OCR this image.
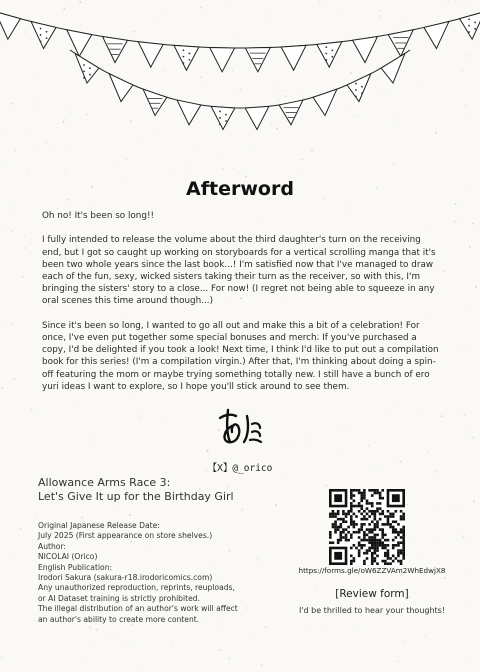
Afterword

Oh no! It's been so long!!

I fully intended to release the volume about the third daughter's turn on the receiving end, but I got so caught up working on storyboards for a vertical scrolling manga that it's been two whole years since the last book...! I'm satisfied now that I've managed to draw each of the fun, sexy, wicked sisters taking their turn as the receiver, so with this, I'm bringing the sisters' story to a close... For now! (I regret not being able to squeeze in any oral scenes this time around though...)

Since it's been so long, I wanted to go all out and make this a bit of a celebration! For once, I've even put together some special bonuses and merch. If you've purchased a copy, I'd be delighted if you took a look! Next time, I think I'd like to put out a compilation book for this series! (I'm a compilation virgin.) After that, I'm thinking about doing a spin-off featuring the mom or maybe trying something totally new. I still have a bunch of ero yuri ideas I want to explore, so I hope you'll stick around to see them.

【X】@_orico
Allowance Arms Race 3:
Let's Give It up for the Birthday Girl
Original Japanese Release Date:
July 2025 (First appearance on store shelves.)
Author:
NICOLAI (Orico)
English Publication:
Irodori Sakura (sakura-r18.irodoricomics.com)
Any unauthorized reproduction, reprints, reuploads,
or AI Dataset training is strictly prohibited.
The illegal distribution of an author's work will affect
an author's ability to create more content.
https://forms.gle/oW6ZZVAm2WhEdwjX8
[Review form]
I'd be thrilled to hear your thoughts!
